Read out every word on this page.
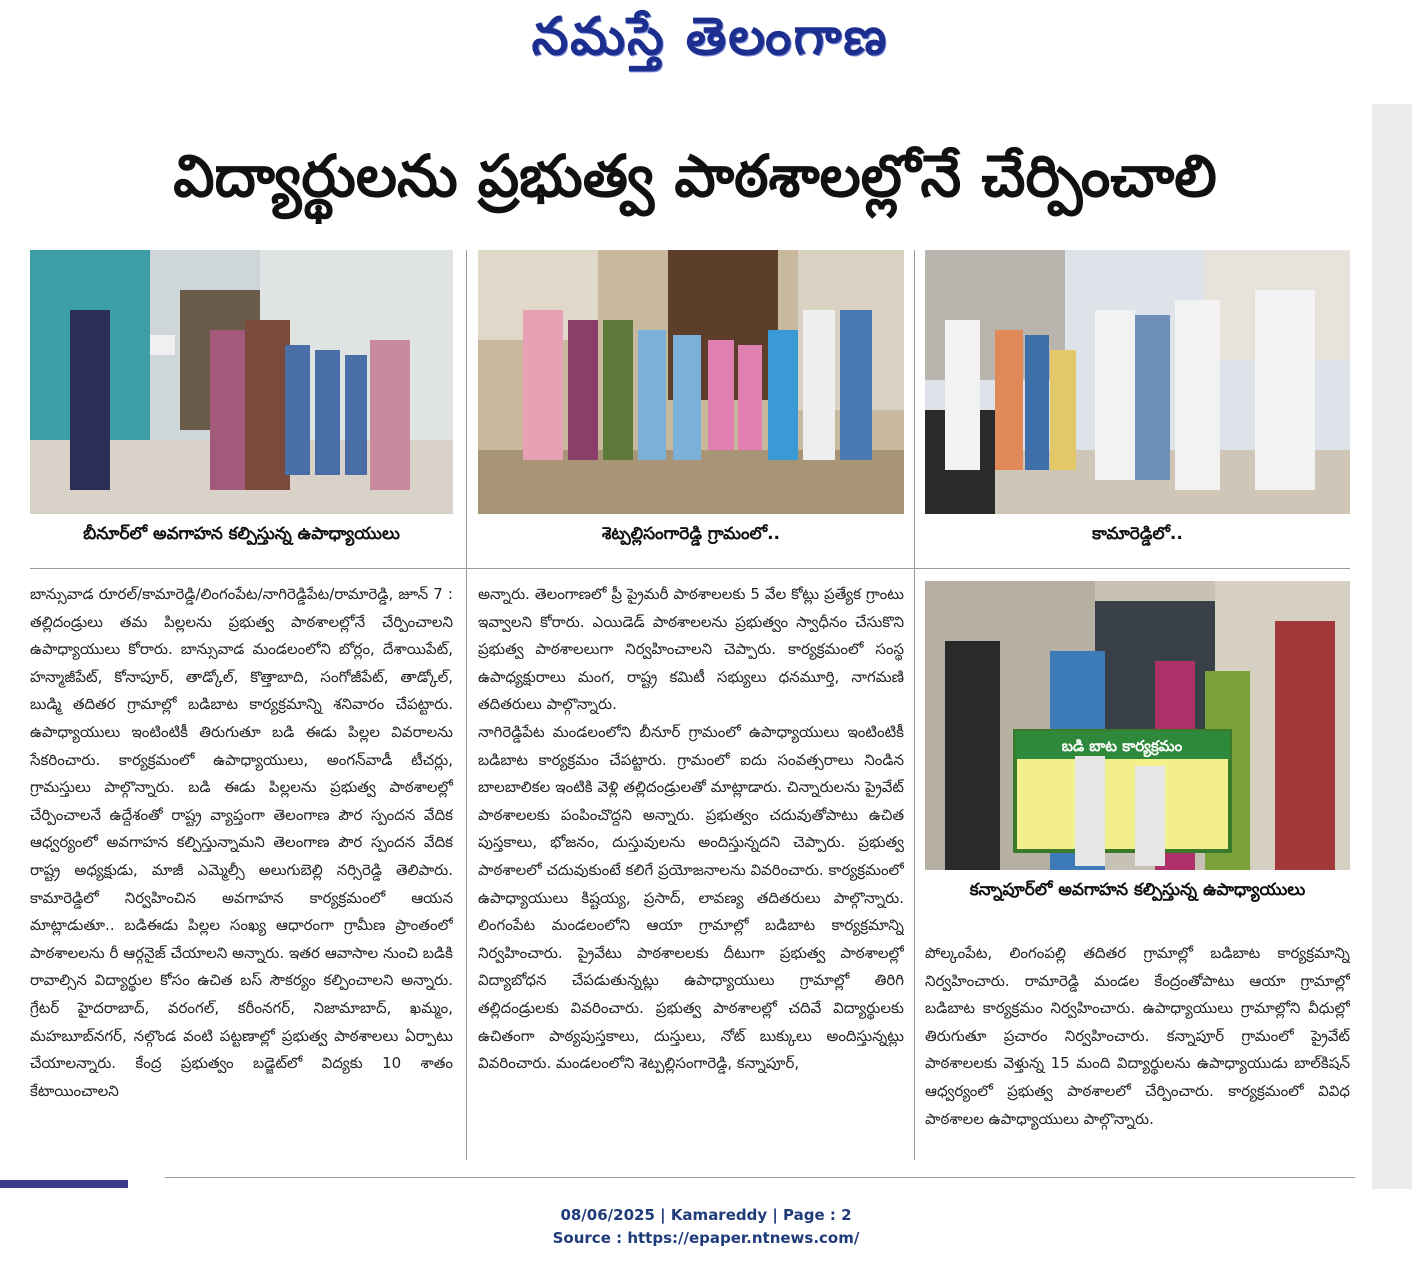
నమస్తే తెలంగాణ
విద్యార్థులను ప్రభుత్వ పాఠశాలల్లోనే చేర్పించాలి
బీనూర్‌లో అవగాహన కల్పిస్తున్న ఉపాధ్యాయులు	శెట్పల్లిసంగారెడ్డి గ్రామంలో..	కామారెడ్డిలో..
బడి బాట కార్యక్రమం
కన్నాపూర్‌లో అవగాహన కల్పిస్తున్న ఉపాధ్యాయులు

బాన్సువాడ రూరల్/కామారెడ్డి/లింగంపేట/నాగిరెడ్డిపేట/రామారెడ్డి, జూన్ 7 : తల్లిదండ్రులు తమ పిల్లలను ప్రభుత్వ పాఠశాలల్లోనే చేర్పించాలని ఉపాధ్యాయులు కోరారు. బాన్సువాడ మండలంలోని బోర్లం, దేశాయిపేట్, హన్మాజీపేట్, కోనాపూర్, తాడ్కోల్, కొత్తాబాది, సంగోజీపేట్, తాడ్కోల్, బుడ్మి తదితర గ్రామాల్లో బడిబాట కార్యక్రమాన్ని శనివారం చేపట్టారు. ఉపాధ్యాయులు ఇంటింటికీ తిరుగుతూ బడి ఈడు పిల్లల వివరాలను సేకరించారు. కార్యక్రమంలో ఉపాధ్యాయులు, అంగన్‌వాడీ టీచర్లు, గ్రామస్తులు పాల్గొన్నారు. బడి ఈడు పిల్లలను ప్రభుత్వ పాఠశాలల్లో చేర్పించాలనే ఉద్దేశంతో రాష్ట్ర వ్యాప్తంగా తెలంగాణ పౌర స్పందన వేదిక ఆధ్వర్యంలో అవగాహన కల్పిస్తున్నామని తెలంగాణ పౌర స్పందన వేదిక రాష్ట్ర అధ్యక్షుడు, మాజీ ఎమ్మెల్సీ అలుగుబెల్లి నర్సిరెడ్డి తెలిపారు. కామారెడ్డిలో నిర్వహించిన అవగాహన కార్యక్రమంలో ఆయన మాట్లాడుతూ.. బడిఈడు పిల్లల సంఖ్య ఆధారంగా గ్రామీణ ప్రాంతంలో పాఠశాలలను రీ ఆర్గనైజ్ చేయాలని అన్నారు. ఇతర ఆవాసాల నుంచి బడికి రావాల్సిన విద్యార్థుల కోసం ఉచిత బస్ సౌకర్యం కల్పించాలని అన్నారు. గ్రేటర్ హైదరాబాద్, వరంగల్, కరీంనగర్, నిజామాబాద్, ఖమ్మం, మహబూబ్‌నగర్, నల్గొండ వంటి పట్టణాల్లో ప్రభుత్వ పాఠశాలలు ఏర్పాటు చేయాలన్నారు. కేంద్ర ప్రభుత్వం బడ్జెట్‌లో విద్యకు 10 శాతం కేటాయించాలని

అన్నారు. తెలంగాణలో ప్రీ ప్రైమరీ పాఠశాలలకు 5 వేల కోట్లు ప్రత్యేక గ్రాంటు ఇవ్వాలని కోరారు. ఎయిడెడ్ పాఠశాలలను ప్రభుత్వం స్వాధీనం చేసుకొని ప్రభుత్వ పాఠశాలలుగా నిర్వహించాలని చెప్పారు. కార్యక్రమంలో సంస్థ ఉపాధ్యక్షురాలు మంగ, రాష్ట్ర కమిటీ సభ్యులు ధనమూర్తి, నాగమణి తదితరులు పాల్గొన్నారు.

నాగిరెడ్డిపేట మండలంలోని బీనూర్ గ్రామంలో ఉపాధ్యాయులు ఇంటింటికీ బడిబాట కార్యక్రమం చేపట్టారు. గ్రామంలో ఐదు సంవత్సరాలు నిండిన బాలబాలికల ఇంటికి వెళ్లి తల్లిదండ్రులతో మాట్లాడారు. చిన్నారులను ప్రైవేట్ పాఠశాలలకు పంపించొద్దని అన్నారు. ప్రభుత్వం చదువుతోపాటు ఉచిత పుస్తకాలు, భోజనం, దుస్తువులను అందిస్తున్నదని చెప్పారు. ప్రభుత్వ పాఠశాలలో చదువుకుంటే కలిగే ప్రయోజనాలను వివరించారు. కార్యక్రమంలో ఉపాధ్యాయులు కిష్టయ్య, ప్రసాద్, లావణ్య తదితరులు పాల్గొన్నారు. లింగంపేట మండలంలోని ఆయా గ్రామాల్లో బడిబాట కార్యక్రమాన్ని నిర్వహించారు. ప్రైవేటు పాఠశాలలకు దీటుగా ప్రభుత్వ పాఠశాలల్లో విద్యాబోధన చేపడుతున్నట్లు ఉపాధ్యాయులు గ్రామాల్లో తిరిగి తల్లిదండ్రులకు వివరించారు. ప్రభుత్వ పాఠశాలల్లో చదివే విద్యార్థులకు ఉచితంగా పాఠ్యపుస్తకాలు, దుస్తులు, నోట్ బుక్కులు అందిస్తున్నట్లు వివరించారు. మండలంలోని శెట్పల్లిసంగారెడ్డి, కన్నాపూర్,

పోల్కంపేట, లింగంపల్లి తదితర గ్రామాల్లో బడిబాట కార్యక్రమాన్ని నిర్వహించారు. రామారెడ్డి మండల కేంద్రంతోపాటు ఆయా గ్రామాల్లో బడిబాట కార్యక్రమం నిర్వహించారు. ఉపాధ్యాయులు గ్రామాల్లోని వీధుల్లో తిరుగుతూ ప్రచారం నిర్వహించారు. కన్నాపూర్ గ్రామంలో ప్రైవేట్ పాఠశాలలకు వెళ్తున్న 15 మంది విద్యార్థులను ఉపాధ్యాయుడు బాల్‌కిషన్ ఆధ్వర్యంలో ప్రభుత్వ పాఠశాలలో చేర్పించారు. కార్యక్రమంలో వివిధ పాఠశాలల ఉపాధ్యాయులు పాల్గొన్నారు.

08/06/2025 | Kamareddy | Page : 2
Source : https://epaper.ntnews.com/
